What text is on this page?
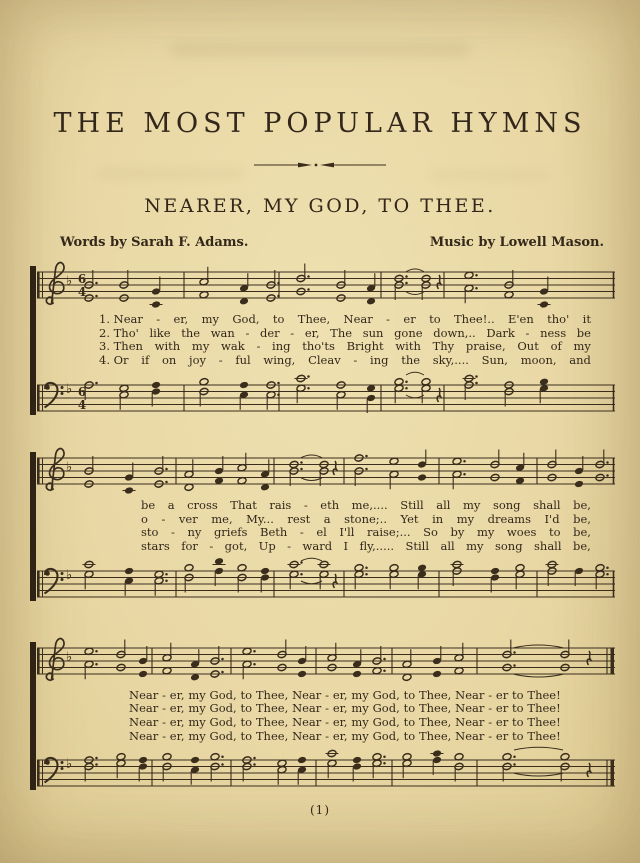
THE MOST POPULAR HYMNS
NEARER, MY GOD, TO THEE.
Words by Sarah F. Adams.	Music by Lowell Mason.
♭ 6
4
1. Near - er, my God, to Thee, Near - er to Thee!.. E'en tho' it
2. Tho' like the wan - der - er, The sun gone down,.. Dark - ness be
3. Then with my wak - ing tho'ts Bright with Thy praise, Out of my
4. Or if on joy - ful wing, Cleav - ing the sky,.... Sun, moon, and
♭ 6
4
♭
be a cross That rais - eth me,.... Still all my song shall be,
o - ver me, My... rest a stone;.. Yet in my dreams I'd be,
sto - ny griefs Beth - el I'll raise;... So by my woes to be,
stars for - got, Up - ward I fly,..... Still all my song shall be,
♭
♭
Near - er, my God, to Thee, Near - er, my God, to Thee, Near - er to Thee!
Near - er, my God, to Thee, Near - er, my God, to Thee, Near - er to Thee!
Near - er, my God, to Thee, Near - er, my God, to Thee, Near - er to Thee!
Near - er, my God, to Thee, Near - er, my God, to Thee, Near - er to Thee!
♭
(1)
